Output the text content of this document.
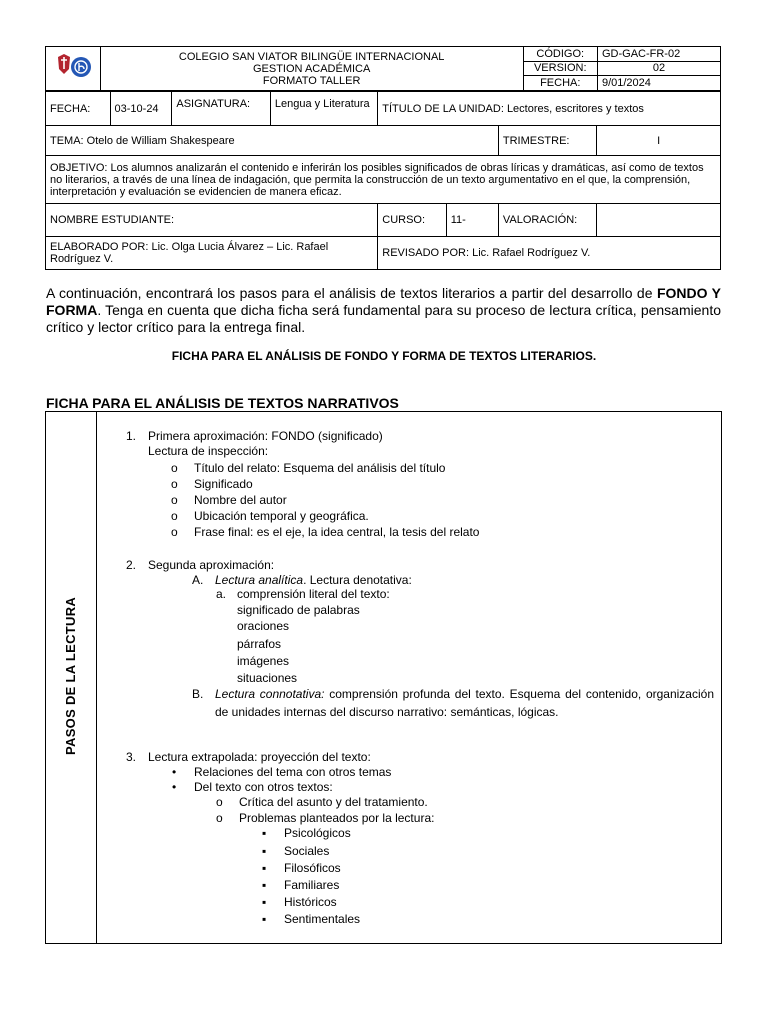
COLEGIO SAN VIATOR BILINGÜE INTERNACIONAL
GESTION ACADÉMICA
FORMATO TALLER	CÓDIGO:	GD-GAC-FR-02
		VERSION:	02
		FECHA:	9/01/2024
FECHA:	03-10-24	ASIGNATURA:	Lengua y Literatura	TÍTULO DE LA UNIDAD: Lectores, escritores y textos			
TEMA: Otelo de William Shakespeare						TRIMESTRE:	I
OBJETIVO: Los alumnos analizarán el contenido e inferirán los posibles significados de obras líricas y dramáticas, así como de textos no literarios, a través de una línea de indagación, que permita la construcción de un texto argumentativo en el que, la comprensión, interpretación y evaluación se evidencien de manera eficaz.							
NOMBRE ESTUDIANTE:				CURSO:	11-	VALORACIÓN:	
ELABORADO POR: Lic. Olga Lucia Álvarez – Lic. Rafael Rodríguez V.				REVISADO POR: Lic. Rafael Rodríguez V.			

A continuación, encontrará los pasos para el análisis de textos literarios a partir del desarrollo de FONDO Y FORMA. Tenga en cuenta que dicha ficha será fundamental para su proceso de lectura crítica, pensamiento crítico y lector crítico para la entrega final.

FICHA PARA EL ANÁLISIS DE FONDO Y FORMA DE TEXTOS LITERARIOS.
FICHA PARA EL ANÁLISIS DE TEXTOS NARRATIVOS
PASOS DE LA LECTURA
1. Primera aproximación: FONDO (significado)
Lectura de inspección:
o Título del relato: Esquema del análisis del título
o Significado
o Nombre del autor
o Ubicación temporal y geográfica.
o Frase final: es el eje, la idea central, la tesis del relato
2. Segunda aproximación:
A. Lectura analítica. Lectura denotativa:
a. comprensión literal del texto:
significado de palabras
oraciones
párrafos
imágenes
situaciones
B. Lectura connotativa: comprensión profunda del texto. Esquema del contenido, organización de unidades internas del discurso narrativo: semánticas, lógicas.
3. Lectura extrapolada: proyección del texto:
• Relaciones del tema con otros temas
• Del texto con otros textos:
o Crítica del asunto y del tratamiento.
o Problemas planteados por la lectura:
▪ Psicológicos
▪ Sociales
▪ Filosóficos
▪ Familiares
▪ Históricos
▪ Sentimentales
